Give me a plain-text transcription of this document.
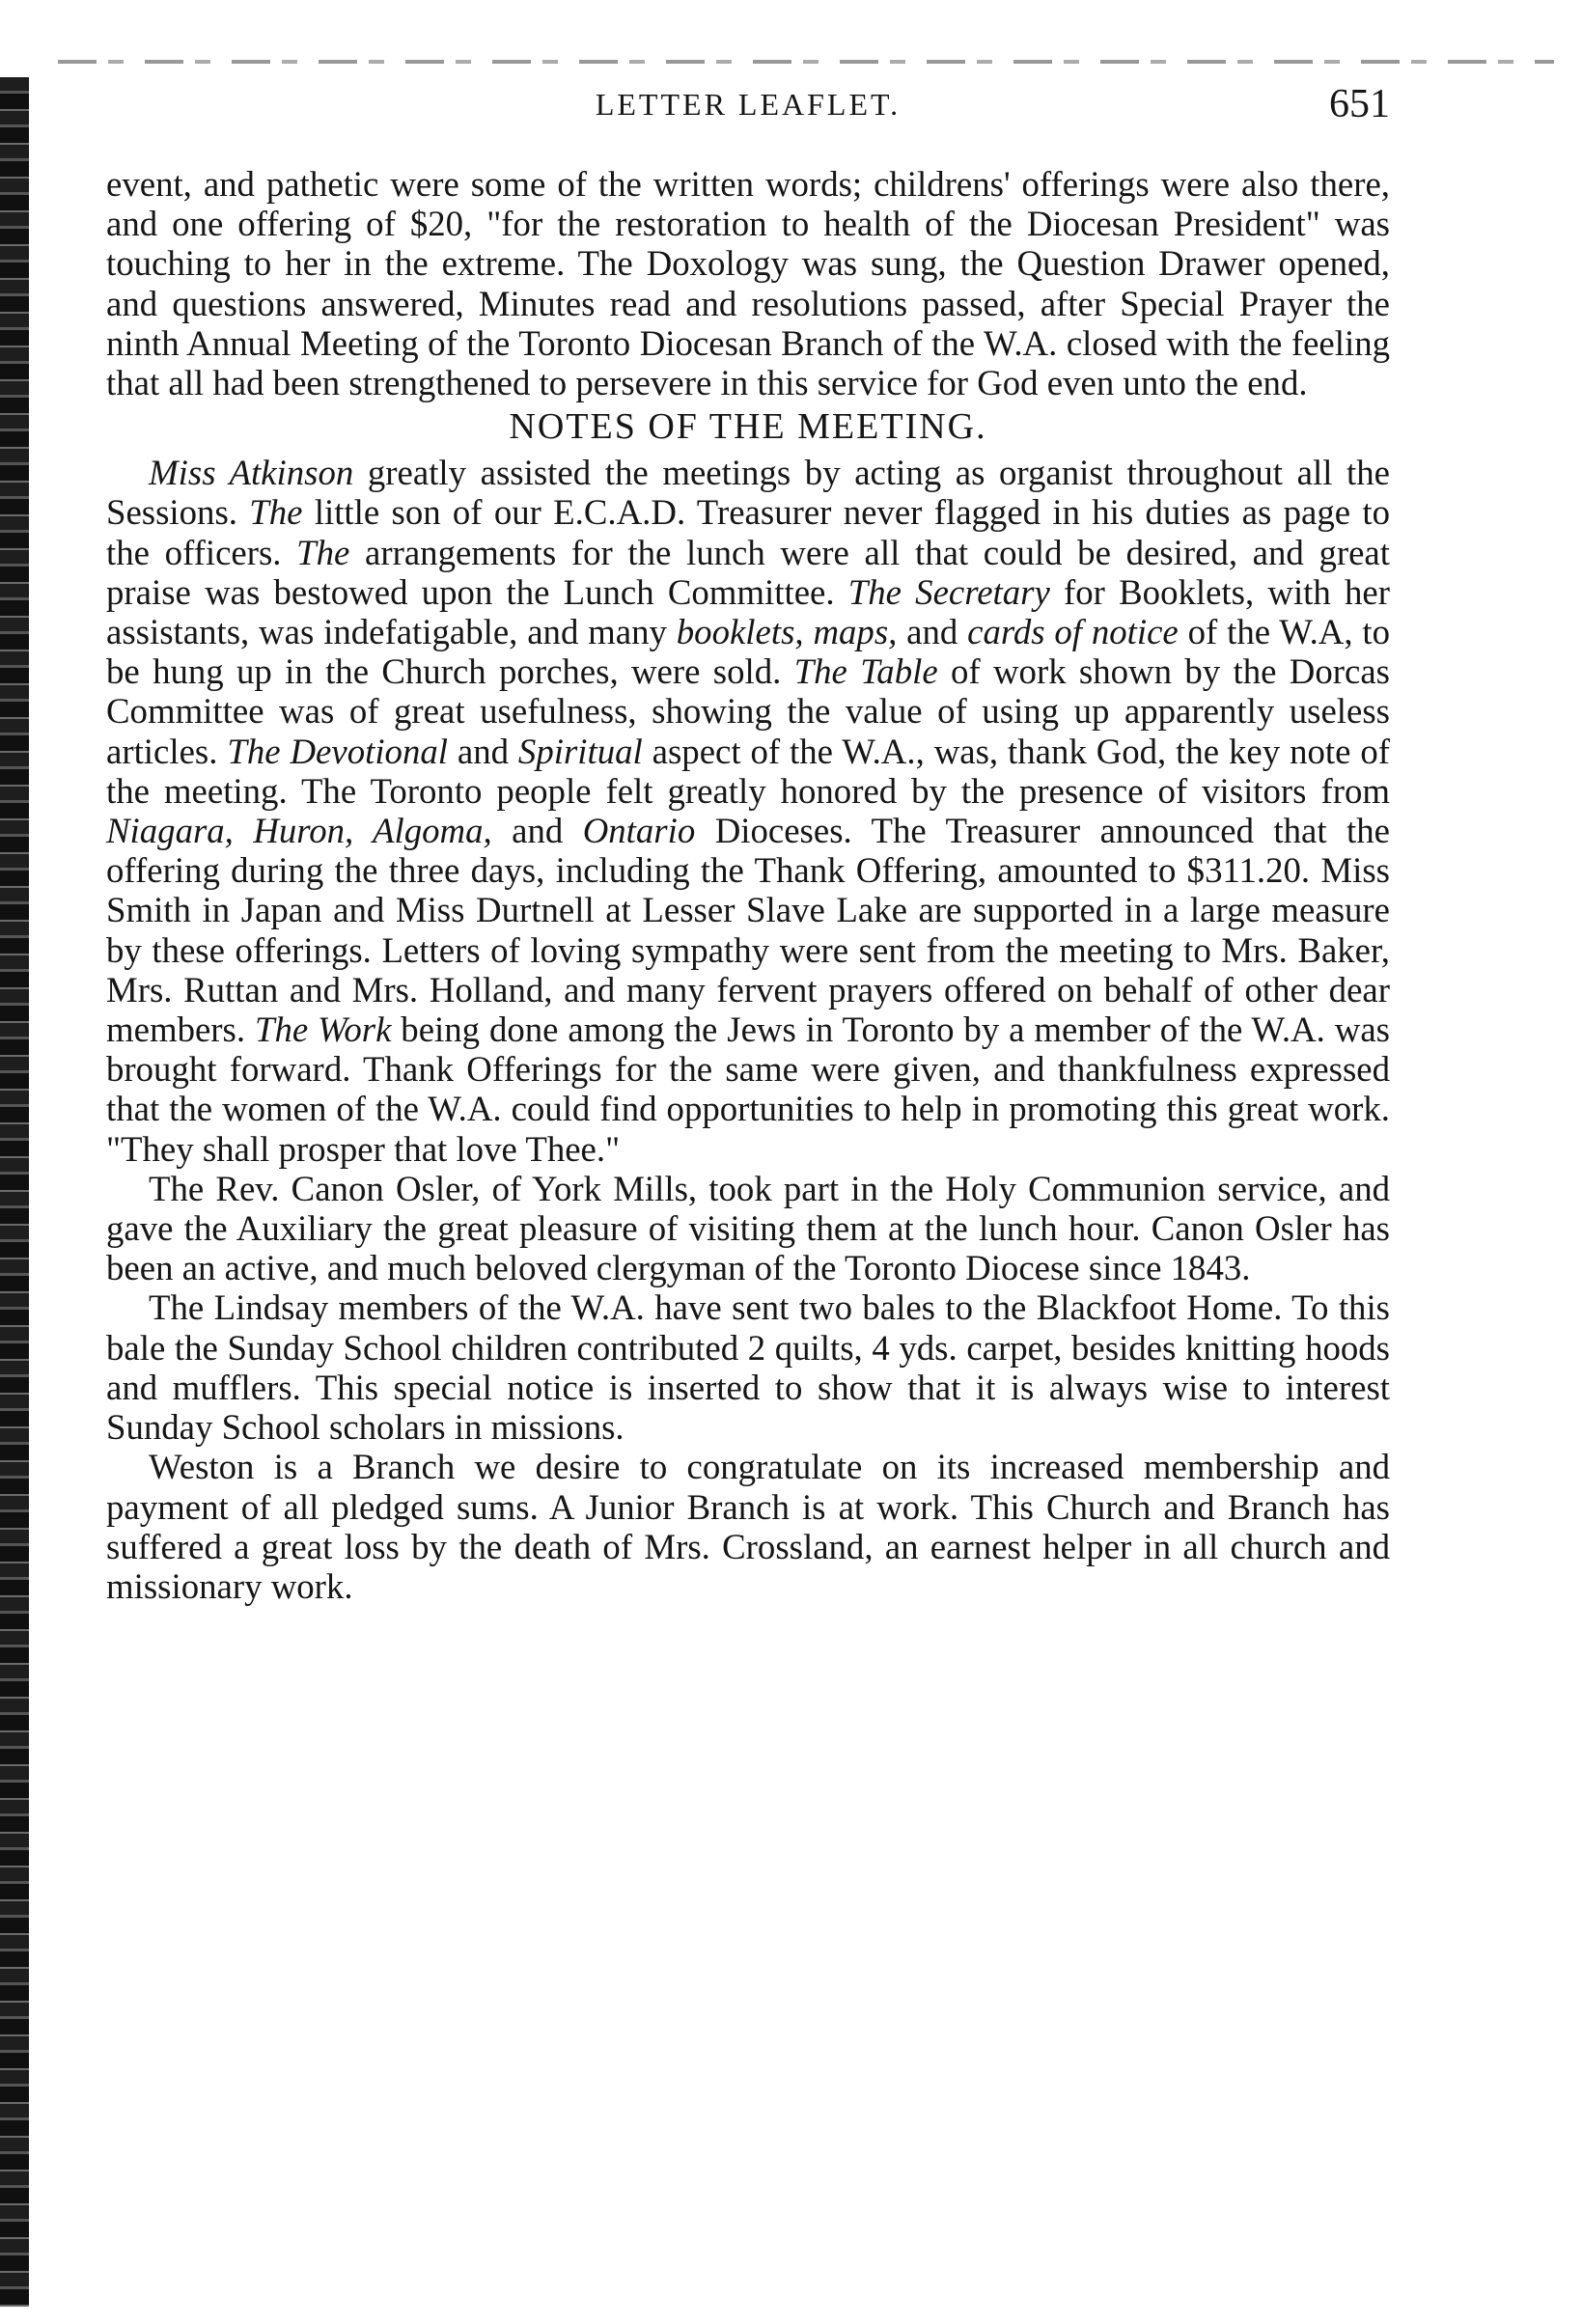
LETTER LEAFLET.	651

event, and pathetic were some of the written words; childrens' offerings were also there, and one offering of $20, "for the restoration to health of the Diocesan President" was touching to her in the extreme. The Doxology was sung, the Question Drawer opened, and questions answered, Minutes read and resolutions passed, after Special Prayer the ninth Annual Meeting of the Toronto Diocesan Branch of the W.A. closed with the feeling that all had been strengthened to persevere in this service for God even unto the end.

NOTES OF THE MEETING.

Miss Atkinson greatly assisted the meetings by acting as organist throughout all the Sessions. The little son of our E.C.A.D. Treasurer never flagged in his duties as page to the officers. The arrangements for the lunch were all that could be desired, and great praise was bestowed upon the Lunch Committee. The Secretary for Booklets, with her assistants, was indefatigable, and many booklets, maps, and cards of notice of the W.A, to be hung up in the Church porches, were sold. The Table of work shown by the Dorcas Committee was of great usefulness, showing the value of using up apparently useless articles. The Devotional and Spiritual aspect of the W.A., was, thank God, the key note of the meeting. The Toronto people felt greatly honored by the presence of visitors from Niagara, Huron, Algoma, and Ontario Dioceses. The Treasurer announced that the offering during the three days, including the Thank Offering, amounted to $311.20. Miss Smith in Japan and Miss Durtnell at Lesser Slave Lake are supported in a large measure by these offerings. Letters of loving sympathy were sent from the meeting to Mrs. Baker, Mrs. Ruttan and Mrs. Holland, and many fervent prayers offered on behalf of other dear members. The Work being done among the Jews in Toronto by a member of the W.A. was brought forward. Thank Offerings for the same were given, and thankfulness expressed that the women of the W.A. could find opportunities to help in promoting this great work. "They shall prosper that love Thee."

The Rev. Canon Osler, of York Mills, took part in the Holy Communion service, and gave the Auxiliary the great pleasure of visiting them at the lunch hour. Canon Osler has been an active, and much beloved clergyman of the Toronto Diocese since 1843.

The Lindsay members of the W.A. have sent two bales to the Blackfoot Home. To this bale the Sunday School children contributed 2 quilts, 4 yds. carpet, besides knitting hoods and mufflers. This special notice is inserted to show that it is always wise to interest Sunday School scholars in missions.

Weston is a Branch we desire to congratulate on its increased membership and payment of all pledged sums. A Junior Branch is at work. This Church and Branch has suffered a great loss by the death of Mrs. Crossland, an earnest helper in all church and missionary work.
